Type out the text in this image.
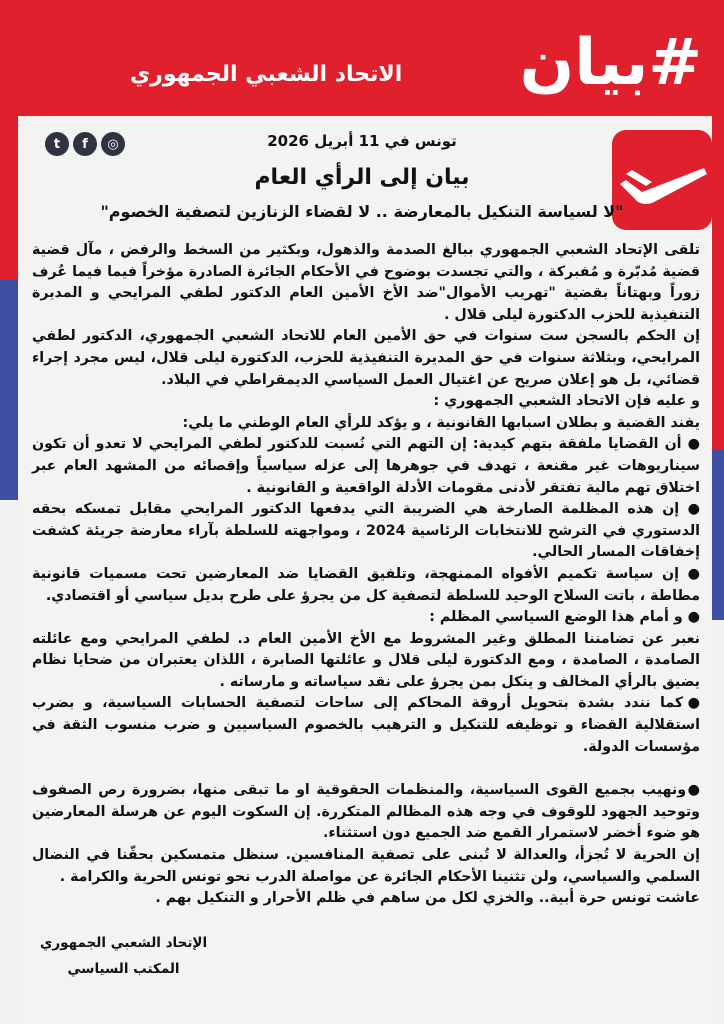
#بيان
الاتحاد الشعبي الجمهوري
t	f	◎	تونس في 11 أبريل 2026
بيان إلى الرأي العام
"لا لسياسة التنكيل بالمعارضة .. لا لقضاء الزنازين لتصفية الخصوم"

تلقى الإتحاد الشعبي الجمهوري ببالغ الصدمة والذهول، وبكثير من السخط والرفض ، مآل قضية قضية مُدبّرة و مُفبركة ، والتي تجسدت بوضوح في الأحكام الجائرة الصادرة مؤخراً فيما فيما عُرف زوراً وبهتاناً بقضية "تهريب الأموال"ضد الأخ الأمين العام الدكتور لطفي المرايحي و المديرة التنفيذية للحزب الدكتورة ليلى قلال .

إن الحكم بالسجن ست سنوات في حق الأمين العام للاتحاد الشعبي الجمهوري، الدكتور لطفي المرايحي، وبثلاثة سنوات في حق المديرة التنفيذية للحزب، الدكتورة ليلى قلال، ليس مجرد إجراء قضائي، بل هو إعلان صريح عن اغتيال العمل السياسي الديمقراطي في البلاد.

و عليه فإن الاتحاد الشعبي الجمهوري :

يفند القضية و بطلان اسبابها القانونية ، و يؤكد للرأي العام الوطني ما يلي:

● أن القضايا ملفقة بتهم كيدية: إن التهم التي نُسبت للدكتور لطفي المرايحي لا تعدو أن تكون سيناريوهات غير مقنعة ، تهدف في جوهرها إلى عزله سياسياً وإقصائه من المشهد العام عبر اختلاق تهم مالية تفتقر لأدنى مقومات الأدلة الواقعية و القانونية .

● إن هذه المظلمة الصارخة هي الضريبة التي يدفعها الدكتور المرايحي مقابل تمسكه بحقه الدستوري في الترشح للانتخابات الرئاسية 2024 ، ومواجهته للسلطة بآراء معارضة جريئة كشفت إخفاقات المسار الحالي.

● إن سياسة تكميم الأفواه الممنهجة، وتلفيق القضايا ضد المعارضين تحت مسميات قانونية مطاطة ، باتت السلاح الوحيد للسلطة لتصفية كل من يجرؤ على طرح بديل سياسي أو اقتصادي.

● و أمام هذا الوضع السياسي المظلم :

نعبر عن تضامننا المطلق وغير المشروط مع الأخ الأمين العام د. لطفي المرايحي ومع عائلته الصامدة ، الصامدة ، ومع الدكتورة ليلى قلال و عائلتها الصابرة ، اللذان يعتبران من ضحايا نظام يضيق بالرأي المخالف و ينكل بمن يجرؤ على نقد سياساته و مارساته .

●كما نندد بشدة بتحويل أروقة المحاكم إلى ساحات لتصفية الحسابات السياسية، و بضرب استقلالية القضاء و توظيفه للتنكيل و الترهيب بالخصوم السياسيين و ضرب منسوب الثقة في مؤسسات الدولة.

●ونهيب بجميع القوى السياسية، والمنظمات الحقوقية او ما تبقى منها، بضرورة رص الصفوف وتوحيد الجهود للوقوف في وجه هذه المظالم المتكررة. إن السكوت اليوم عن هرسلة المعارضين هو ضوء أخضر لاستمرار القمع ضد الجميع دون استثناء.

إن الحرية لا تُجزأ، والعدالة لا تُبنى على تصفية المنافسين. سنظل متمسكين بحقّنا في النضال السلمي والسياسي، ولن تثنينا الأحكام الجائرة عن مواصلة الدرب نحو تونس الحرية والكرامة .

عاشت تونس حرة أبية.. والخزي لكل من ساهم في ظلم الأحرار و التنكيل بهم .

الإتحاد الشعبي الجمهوري
المكتب السياسي
